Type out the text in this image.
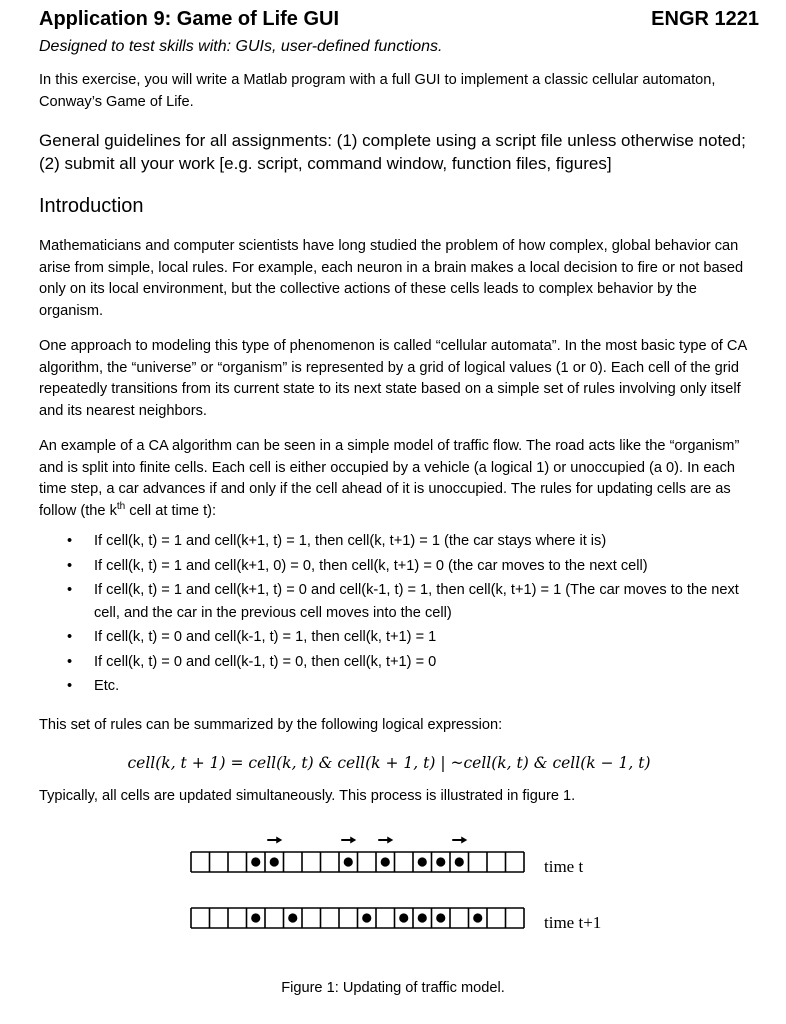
Application 9: Game of Life GUI	ENGR 1221
Designed to test skills with: GUIs, user-defined functions.

In this exercise, you will write a Matlab program with a full GUI to implement a classic cellular automaton, Conway’s Game of Life.

General guidelines for all assignments: (1) complete using a script file unless otherwise noted; (2) submit all your work [e.g. script, command window, function files, figures]

Introduction

Mathematicians and computer scientists have long studied the problem of how complex, global behavior can arise from simple, local rules. For example, each neuron in a brain makes a local decision to fire or not based only on its local environment, but the collective actions of these cells leads to complex behavior by the organism.

One approach to modeling this type of phenomenon is called “cellular automata”. In the most basic type of CA algorithm, the “universe” or “organism” is represented by a grid of logical values (1 or 0). Each cell of the grid repeatedly transitions from its current state to its next state based on a simple set of rules involving only itself and its nearest neighbors.

An example of a CA algorithm can be seen in a simple model of traffic flow. The road acts like the “organism” and is split into finite cells. Each cell is either occupied by a vehicle (a logical 1) or unoccupied (a 0). In each time step, a car advances if and only if the cell ahead of it is unoccupied. The rules for updating cells are as follow (the $k^{th}$ cell at time t):

• If cell(k, t) = 1 and cell(k+1, t) = 1, then cell(k, t+1) = 1 (the car stays where it is)
• If cell(k, t) = 1 and cell(k+1, 0) = 0, then cell(k, t+1) = 0 (the car moves to the next cell)
• If cell(k, t) = 1 and cell(k+1, t) = 0 and cell(k-1, t) = 1, then cell(k, t+1) = 1 (The car moves to the next cell, and the car in the previous cell moves into the cell)
• If cell(k, t) = 0 and cell(k-1, t) = 1, then cell(k, t+1) = 1
• If cell(k, t) = 0 and cell(k-1, t) = 0, then cell(k, t+1) = 0
• Etc.

This set of rules can be summarized by the following logical expression:

cell(k, t + 1) = cell(k, t) & cell(k + 1, t) | ~cell(k, t) & cell(k − 1, t)

Typically, all cells are updated simultaneously. This process is illustrated in figure 1.

time t
time t+1
Figure 1: Updating of traffic model.
